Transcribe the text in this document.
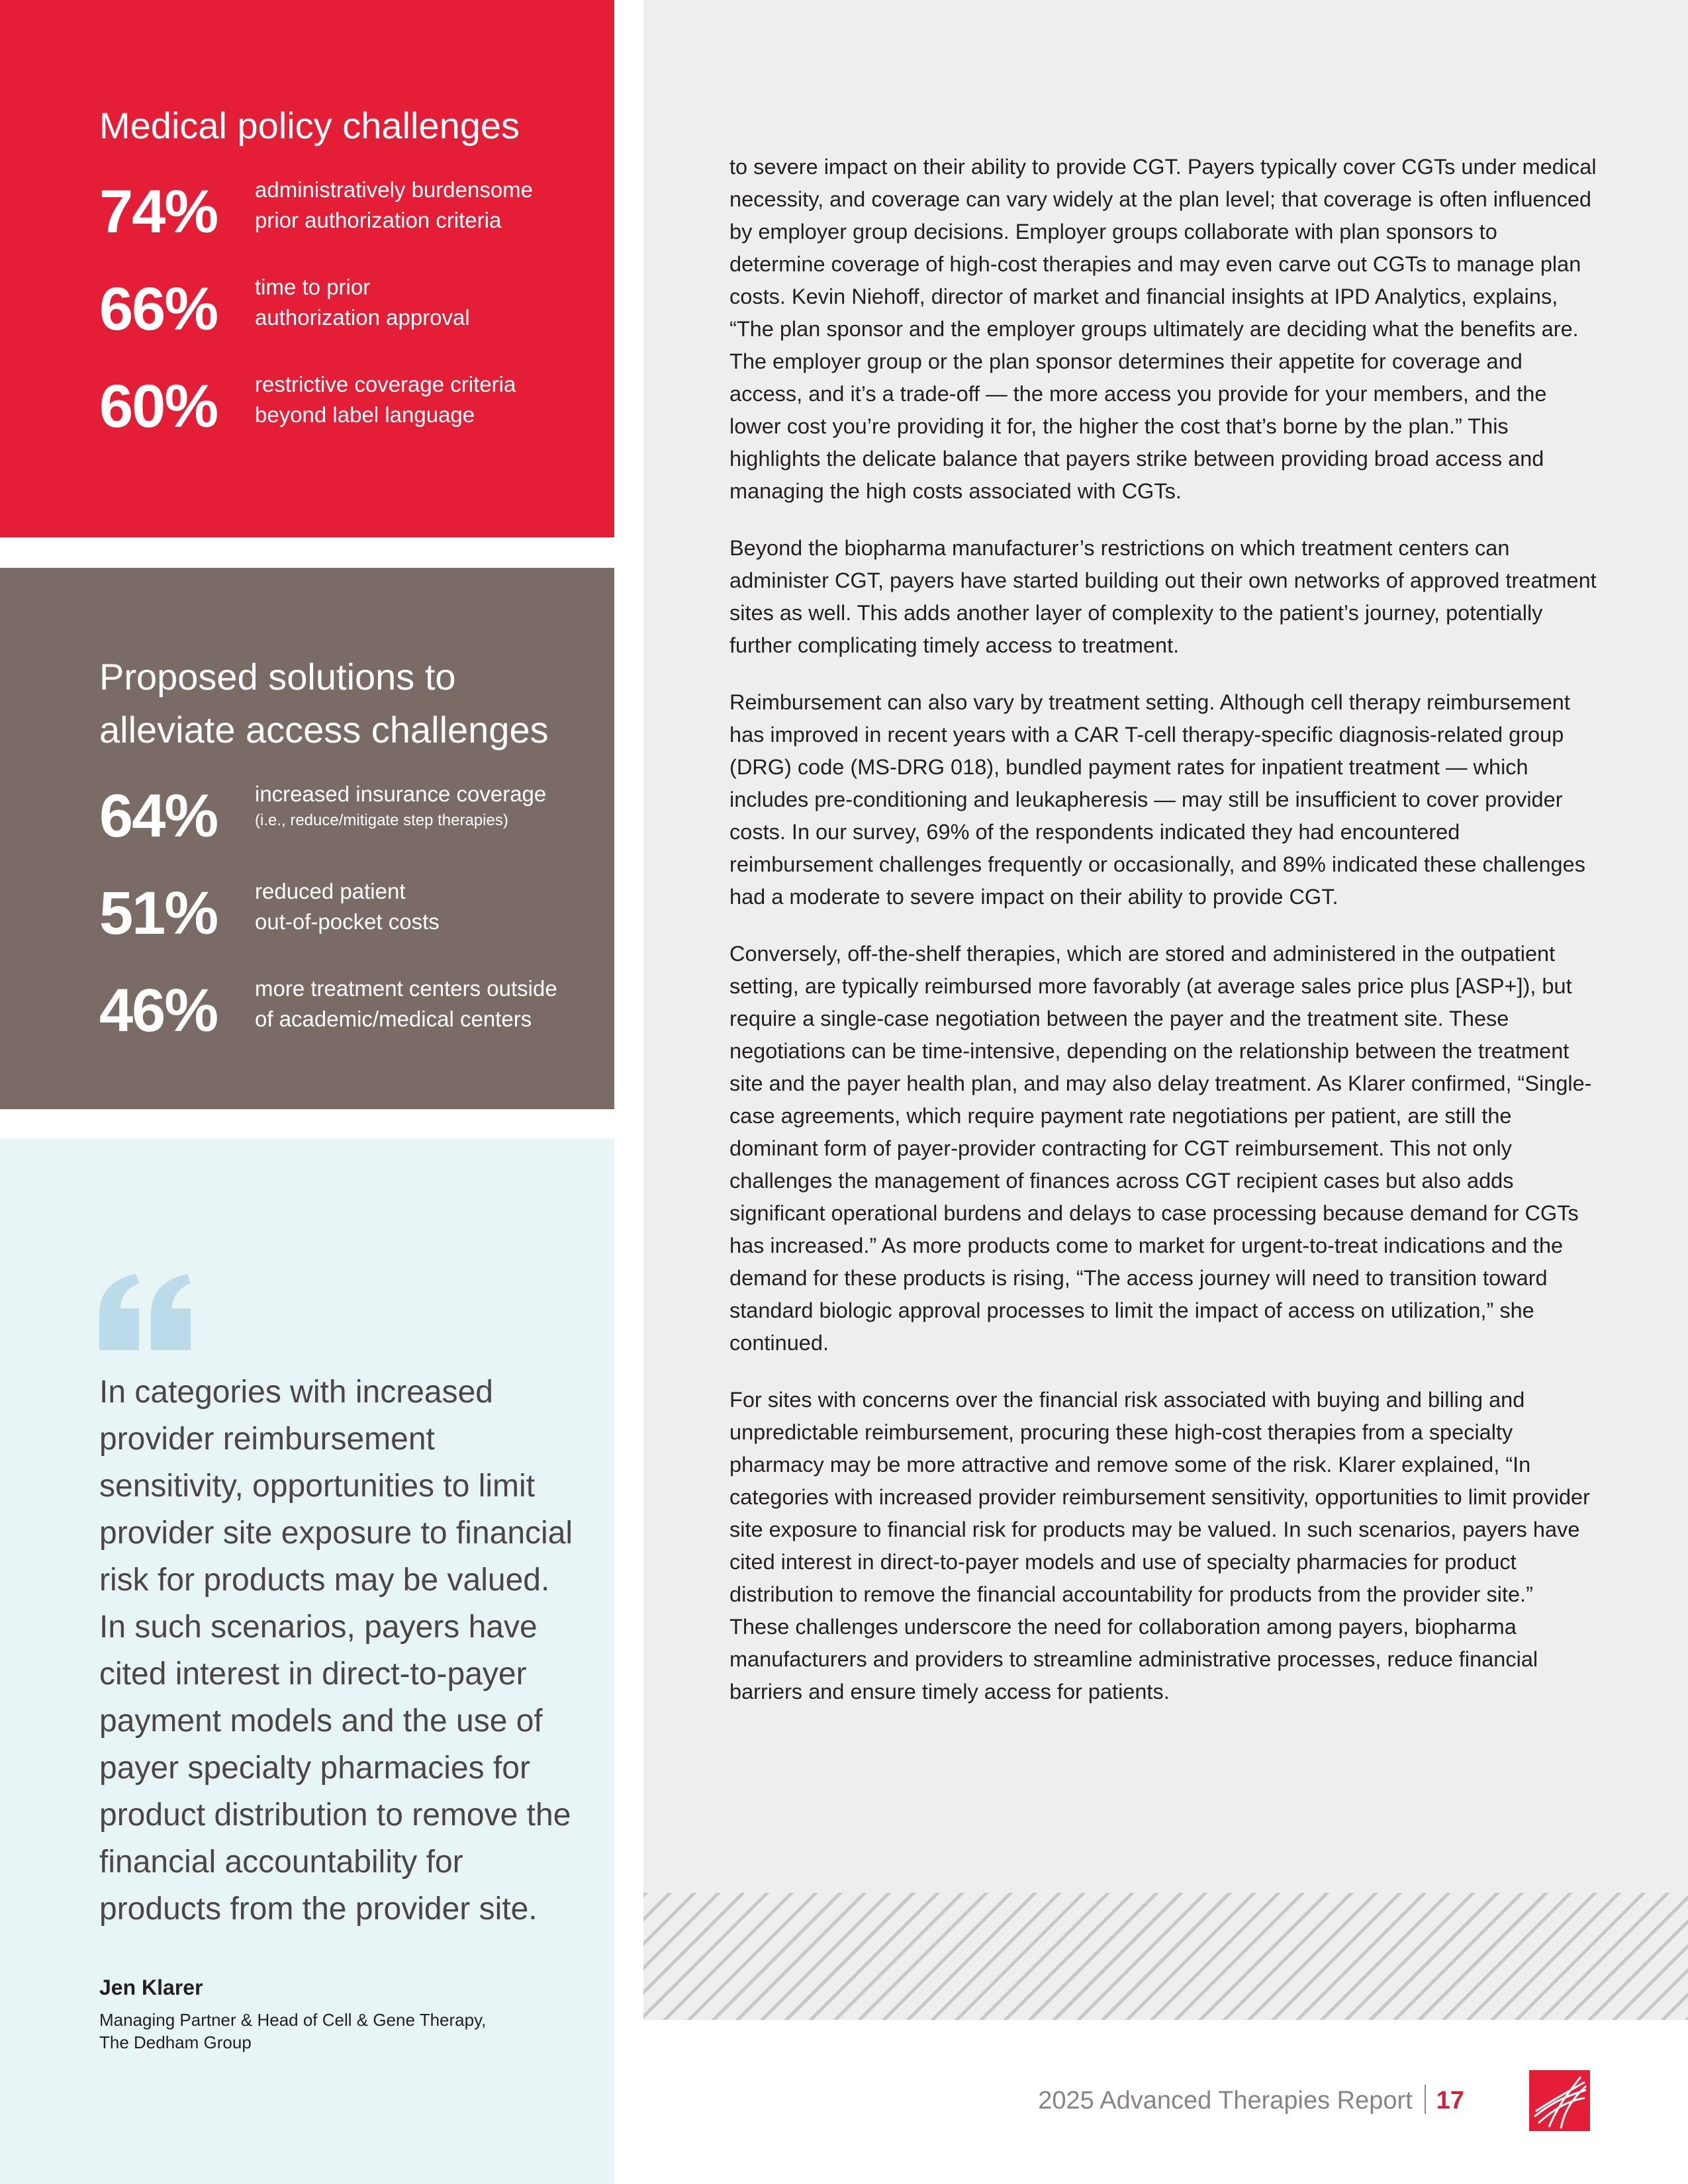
Medical policy challenges
74% administratively burdensome
prior authorization criteria
66% time to prior
authorization approval
60% restrictive coverage criteria
beyond label language
Proposed solutions to
alleviate access challenges
64% increased insurance coverage
(i.e., reduce/mitigate step therapies)
51% reduced patient
out-of-pocket costs
46% more treatment centers outside
of academic/medical centers
In categories with increased provider reimbursement sensitivity, opportunities to limit provider site exposure to financial risk for products may be valued. In such scenarios, payers have cited interest in direct-to-payer payment models and the use of payer specialty pharmacies for product distribution to remove the financial accountability for products from the provider site.
Jen Klarer
Managing Partner & Head of Cell & Gene Therapy,
The Dedham Group

to severe impact on their ability to provide CGT. Payers typically cover CGTs under medical necessity, and coverage can vary widely at the plan level; that coverage is often influenced by employer group decisions. Employer groups collaborate with plan sponsors to determine coverage of high-cost therapies and may even carve out CGTs to manage plan costs. Kevin Niehoff, director of market and financial insights at IPD Analytics, explains, “The plan sponsor and the employer groups ultimately are deciding what the benefits are. The employer group or the plan sponsor determines their appetite for coverage and access, and it’s a trade-off — the more access you provide for your members, and the lower cost you’re providing it for, the higher the cost that’s borne by the plan.” This highlights the delicate balance that payers strike between providing broad access and managing the high costs associated with CGTs.

Beyond the biopharma manufacturer’s restrictions on which treatment centers can administer CGT, payers have started building out their own networks of approved treatment sites as well. This adds another layer of complexity to the patient’s journey, potentially further complicating timely access to treatment.

Reimbursement can also vary by treatment setting. Although cell therapy reimbursement has improved in recent years with a CAR T-cell therapy-specific diagnosis-related group (DRG) code (MS-DRG 018), bundled payment rates for inpatient treatment — which includes pre-conditioning and leukapheresis — may still be insufficient to cover provider costs. In our survey, 69% of the respondents indicated they had encountered reimbursement challenges frequently or occasionally, and 89% indicated these challenges had a moderate to severe impact on their ability to provide CGT.

Conversely, off-the-shelf therapies, which are stored and administered in the outpatient setting, are typically reimbursed more favorably (at average sales price plus [ASP+]), but require a single-case negotiation between the payer and the treatment site. These negotiations can be time-intensive, depending on the relationship between the treatment site and the payer health plan, and may also delay treatment. As Klarer confirmed, “Single-case agreements, which require payment rate negotiations per patient, are still the dominant form of payer-provider contracting for CGT reimbursement. This not only challenges the management of finances across CGT recipient cases but also adds significant operational burdens and delays to case processing because demand for CGTs has increased.” As more products come to market for urgent-to-treat indications and the demand for these products is rising, “The access journey will need to transition toward standard biologic approval processes to limit the impact of access on utilization,” she continued.

For sites with concerns over the financial risk associated with buying and billing and unpredictable reimbursement, procuring these high-cost therapies from a specialty pharmacy may be more attractive and remove some of the risk. Klarer explained, “In categories with increased provider reimbursement sensitivity, opportunities to limit provider site exposure to financial risk for products may be valued. In such scenarios, payers have cited interest in direct-to-payer models and use of specialty pharmacies for product distribution to remove the financial accountability for products from the provider site.” These challenges underscore the need for collaboration among payers, biopharma manufacturers and providers to streamline administrative processes, reduce financial barriers and ensure timely access for patients.

2025 Advanced Therapies Report 17
